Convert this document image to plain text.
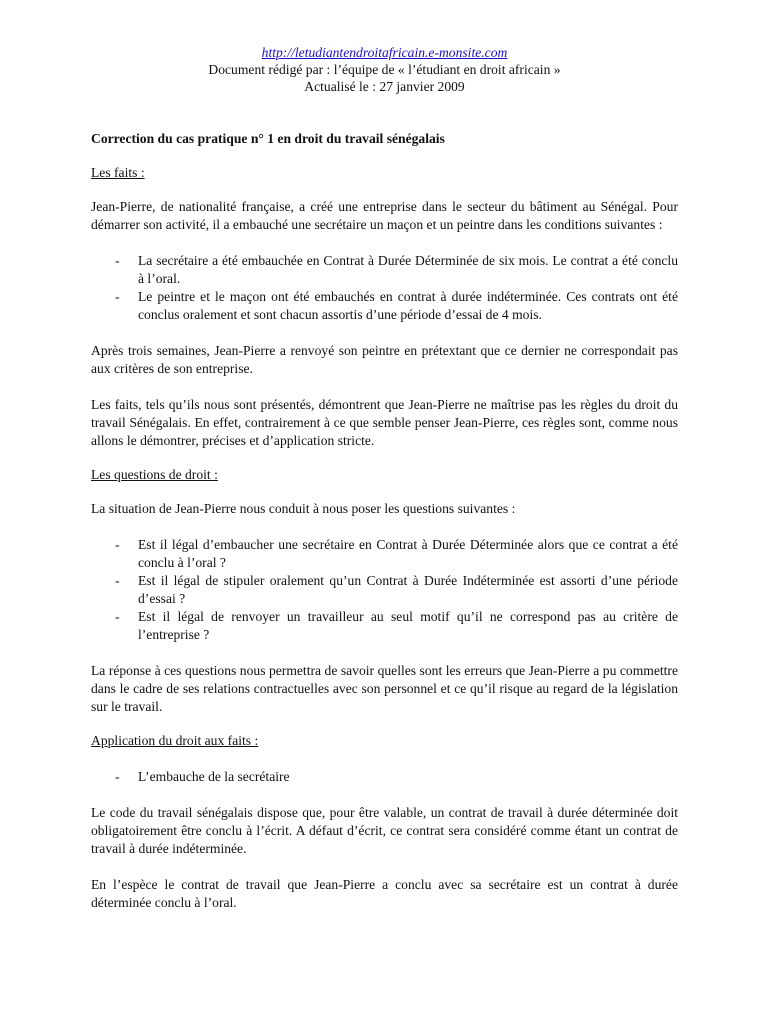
http://letudiantendroitafricain.e-monsite.com
Document rédigé par : l’équipe de « l’étudiant en droit africain »
Actualisé le : 27 janvier 2009
Correction du cas pratique n° 1 en droit du travail sénégalais
Les faits :

Jean-Pierre, de nationalité française, a créé une entreprise dans le secteur du bâtiment au Sénégal. Pour démarrer son activité, il a embauché une secrétaire un maçon et un peintre dans les conditions suivantes :

- La secrétaire a été embauchée en Contrat à Durée Déterminée de six mois. Le contrat a été conclu à l’oral.
- Le peintre et le maçon ont été embauchés en contrat à durée indéterminée. Ces contrats ont été conclus oralement et sont chacun assortis d’une période d’essai de 4 mois.

Après trois semaines, Jean-Pierre a renvoyé son peintre en prétextant que ce dernier ne correspondait pas aux critères de son entreprise.

Les faits, tels qu’ils nous sont présentés, démontrent que Jean-Pierre ne maîtrise pas les règles du droit du travail Sénégalais. En effet, contrairement à ce que semble penser Jean-Pierre, ces règles sont, comme nous allons le démontrer, précises et d’application stricte.

Les questions de droit :

La situation de Jean-Pierre nous conduit à nous poser les questions suivantes :

- Est il légal d’embaucher une secrétaire en Contrat à Durée Déterminée alors que ce contrat a été conclu à l’oral ?
- Est il légal de stipuler oralement qu’un Contrat à Durée Indéterminée est assorti d’une période d’essai ?
- Est il légal de renvoyer un travailleur au seul motif qu’il ne correspond pas au critère de l’entreprise ?

La réponse à ces questions nous permettra de savoir quelles sont les erreurs que Jean-Pierre a pu commettre dans le cadre de ses relations contractuelles avec son personnel et ce qu’il risque au regard de la législation sur le travail.

Application du droit aux faits :
- L’embauche de la secrétaire

Le code du travail sénégalais dispose que, pour être valable, un contrat de travail à durée déterminée doit obligatoirement être conclu à l’écrit. A défaut d’écrit, ce contrat sera considéré comme étant un contrat de travail à durée indéterminée.

En l’espèce le contrat de travail que Jean-Pierre a conclu avec sa secrétaire est un contrat à durée déterminée conclu à l’oral.
